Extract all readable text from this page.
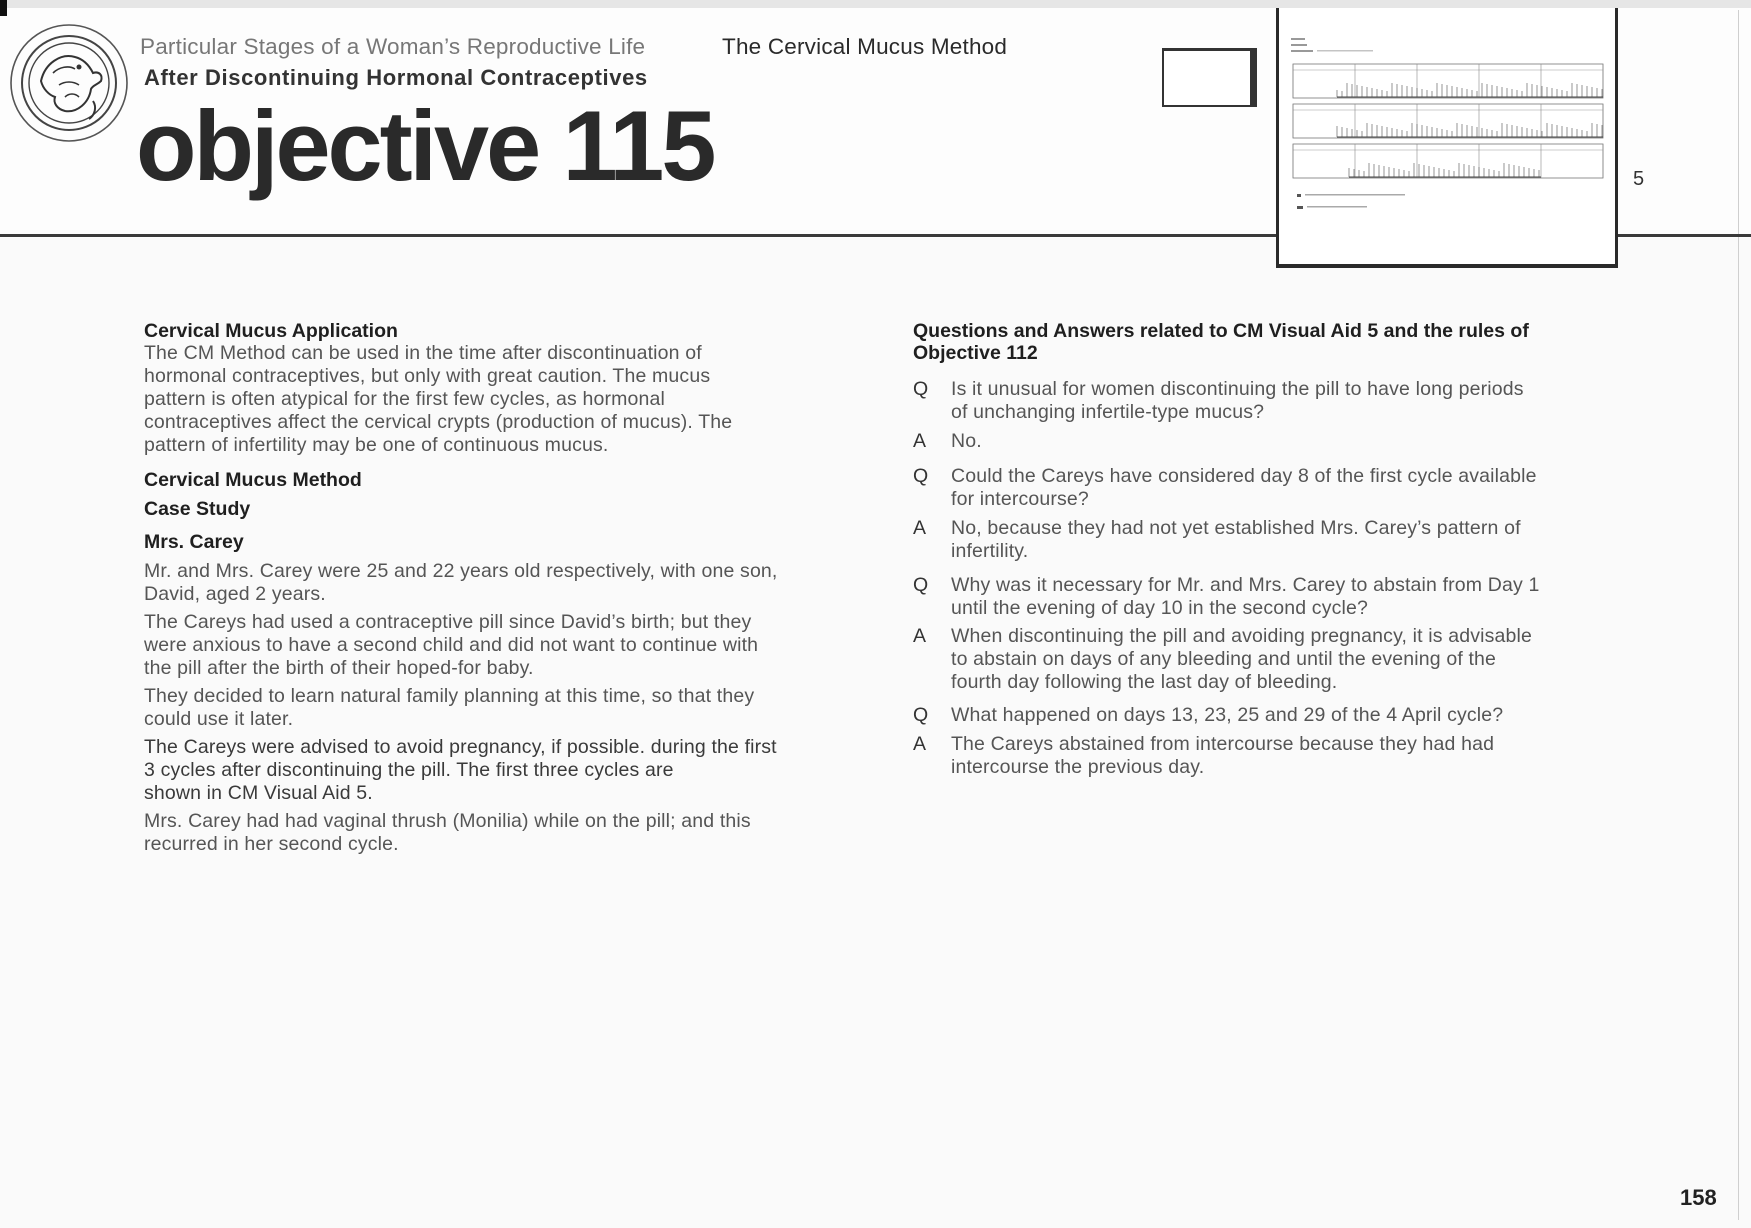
Particular Stages of a Woman’s Reproductive Life	The Cervical Mucus Method
After Discontinuing Hormonal Contraceptives
objective 115	5
Cervical Mucus Application
The CM Method can be used in the time after discontinuation of
hormonal contraceptives, but only with great caution. The mucus
pattern is often atypical for the first few cycles, as hormonal
contraceptives affect the cervical crypts (production of mucus). The
pattern of infertility may be one of continuous mucus.
Cervical Mucus Method
Case Study
Mrs. Carey
Mr. and Mrs. Carey were 25 and 22 years old respectively, with one son,
David, aged 2 years.
The Careys had used a contraceptive pill since David’s birth; but they
were anxious to have a second child and did not want to continue with
the pill after the birth of their hoped-for baby.
They decided to learn natural family planning at this time, so that they
could use it later.
The Careys were advised to avoid pregnancy, if possible. during the first
3 cycles after discontinuing the pill. The first three cycles are
shown in CM Visual Aid 5.
Mrs. Carey had had vaginal thrush (Monilia) while on the pill; and this
recurred in her second cycle.
Questions and Answers related to CM Visual Aid 5 and the rules of
Objective 112
Q Is it unusual for women discontinuing the pill to have long periods
of unchanging infertile-type mucus?
A	No.
Q Could the Careys have considered day 8 of the first cycle available
for intercourse?
A	No, because they had not yet established Mrs. Carey’s pattern of
infertility.
Q Why was it necessary for Mr. and Mrs. Carey to abstain from Day 1
until the evening of day 10 in the second cycle?
A	When discontinuing the pill and avoiding pregnancy, it is advisable
to abstain on days of any bleeding and until the evening of the
fourth day following the last day of bleeding.
Q What happened on days 13, 23, 25 and 29 of the 4 April cycle?
A	The Careys abstained from intercourse because they had had
intercourse the previous day.
158
